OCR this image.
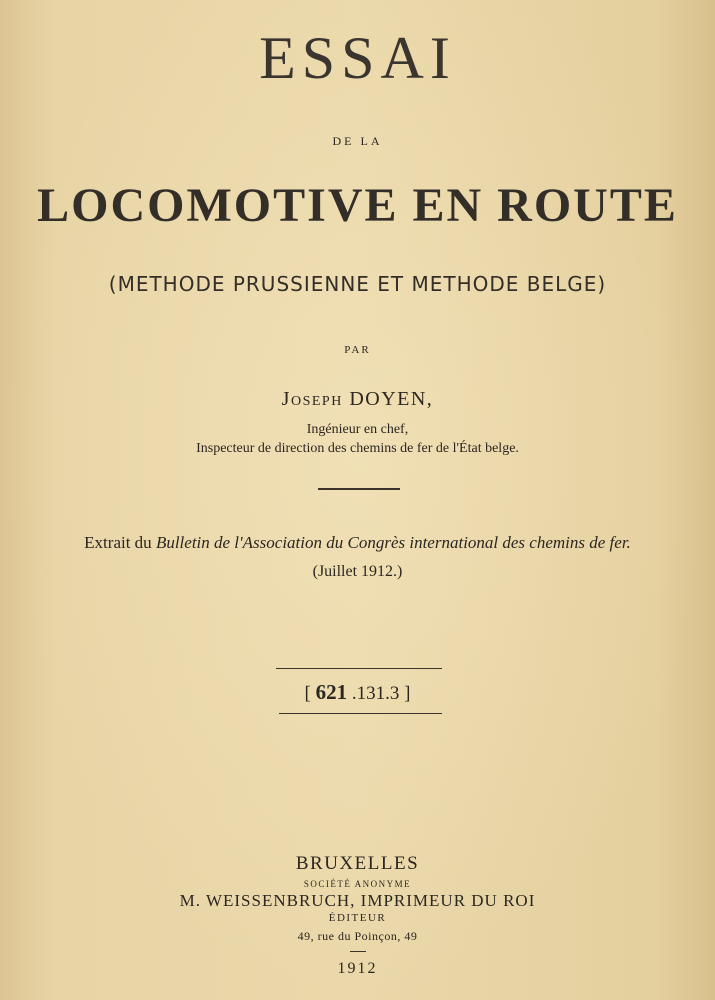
ESSAI
DE LA
LOCOMOTIVE EN ROUTE
(METHODE PRUSSIENNE ET METHODE BELGE)
PAR
Joseph DOYEN,
Ingénieur en chef,
Inspecteur de direction des chemins de fer de l'État belge.
Extrait du Bulletin de l'Association du Congrès international des chemins de fer.
(Juillet 1912.)
[ 621 .131.3 ]
BRUXELLES
SOCIÉTÉ ANONYME
M. WEISSENBRUCH, IMPRIMEUR DU ROI
ÉDITEUR
49, rue du Poinçon, 49
1912
